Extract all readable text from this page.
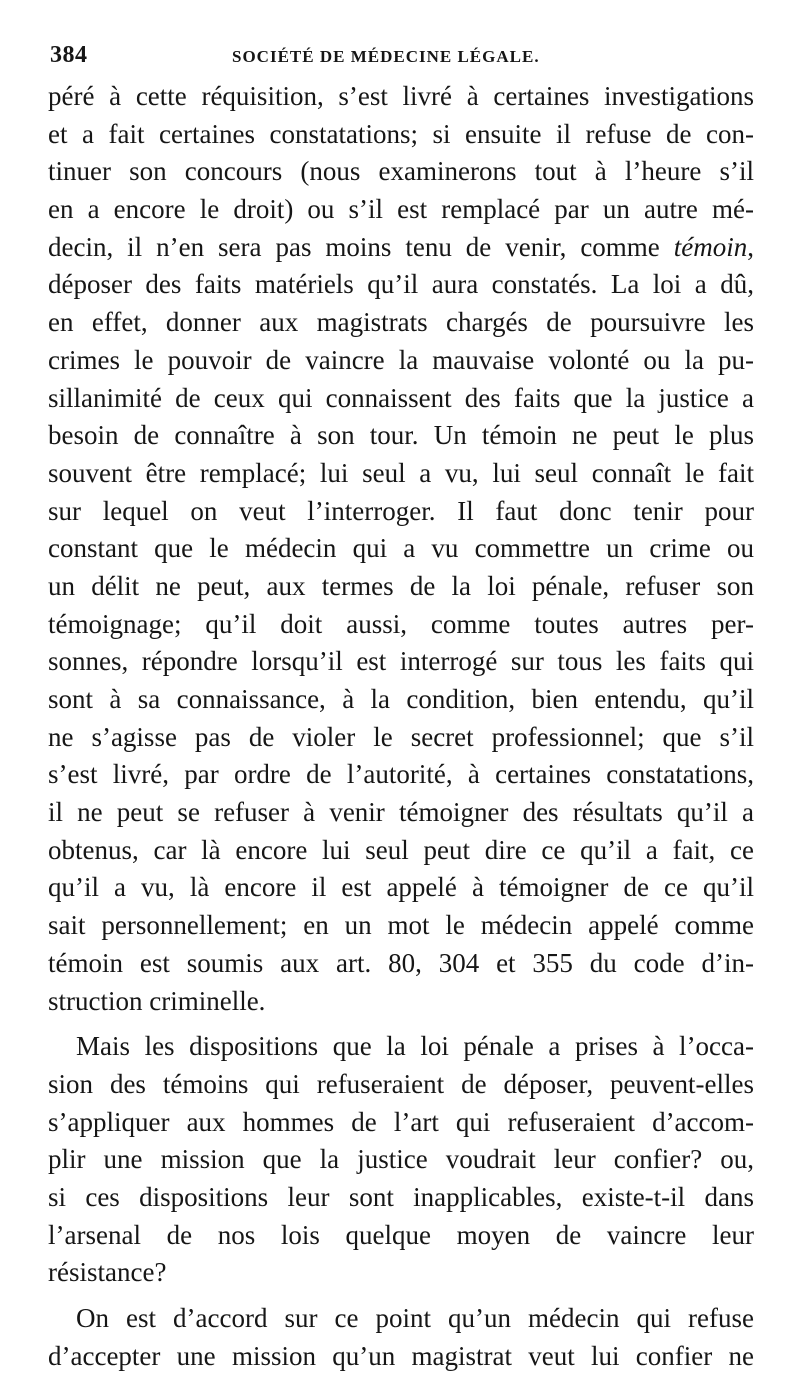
384	SOCIÉTÉ DE MÉDECINE LÉGALE.
péré à cette réquisition, s’est livré à certaines investigations
et a fait certaines constatations; si ensuite il refuse de con-
tinuer son concours (nous examinerons tout à l’heure s’il
en a encore le droit) ou s’il est remplacé par un autre mé-
decin, il n’en sera pas moins tenu de venir, comme témoin,
déposer des faits matériels qu’il aura constatés. La loi a dû,
en effet, donner aux magistrats chargés de poursuivre les
crimes le pouvoir de vaincre la mauvaise volonté ou la pu-
sillanimité de ceux qui connaissent des faits que la justice a
besoin de connaître à son tour. Un témoin ne peut le plus
souvent être remplacé; lui seul a vu, lui seul connaît le fait
sur lequel on veut l’interroger. Il faut donc tenir pour
constant que le médecin qui a vu commettre un crime ou
un délit ne peut, aux termes de la loi pénale, refuser son
témoignage; qu’il doit aussi, comme toutes autres per-
sonnes, répondre lorsqu’il est interrogé sur tous les faits qui
sont à sa connaissance, à la condition, bien entendu, qu’il
ne s’agisse pas de violer le secret professionnel; que s’il
s’est livré, par ordre de l’autorité, à certaines constatations,
il ne peut se refuser à venir témoigner des résultats qu’il a
obtenus, car là encore lui seul peut dire ce qu’il a fait, ce
qu’il a vu, là encore il est appelé à témoigner de ce qu’il
sait personnellement; en un mot le médecin appelé comme
témoin est soumis aux art. 80, 304 et 355 du code d’in-
struction criminelle.
Mais les dispositions que la loi pénale a prises à l’occa-
sion des témoins qui refuseraient de déposer, peuvent-elles
s’appliquer aux hommes de l’art qui refuseraient d’accom-
plir une mission que la justice voudrait leur confier? ou,
si ces dispositions leur sont inapplicables, existe-t-il dans
l’arsenal de nos lois quelque moyen de vaincre leur
résistance?
On est d’accord sur ce point qu’un médecin qui refuse
d’accepter une mission qu’un magistrat veut lui confier ne
